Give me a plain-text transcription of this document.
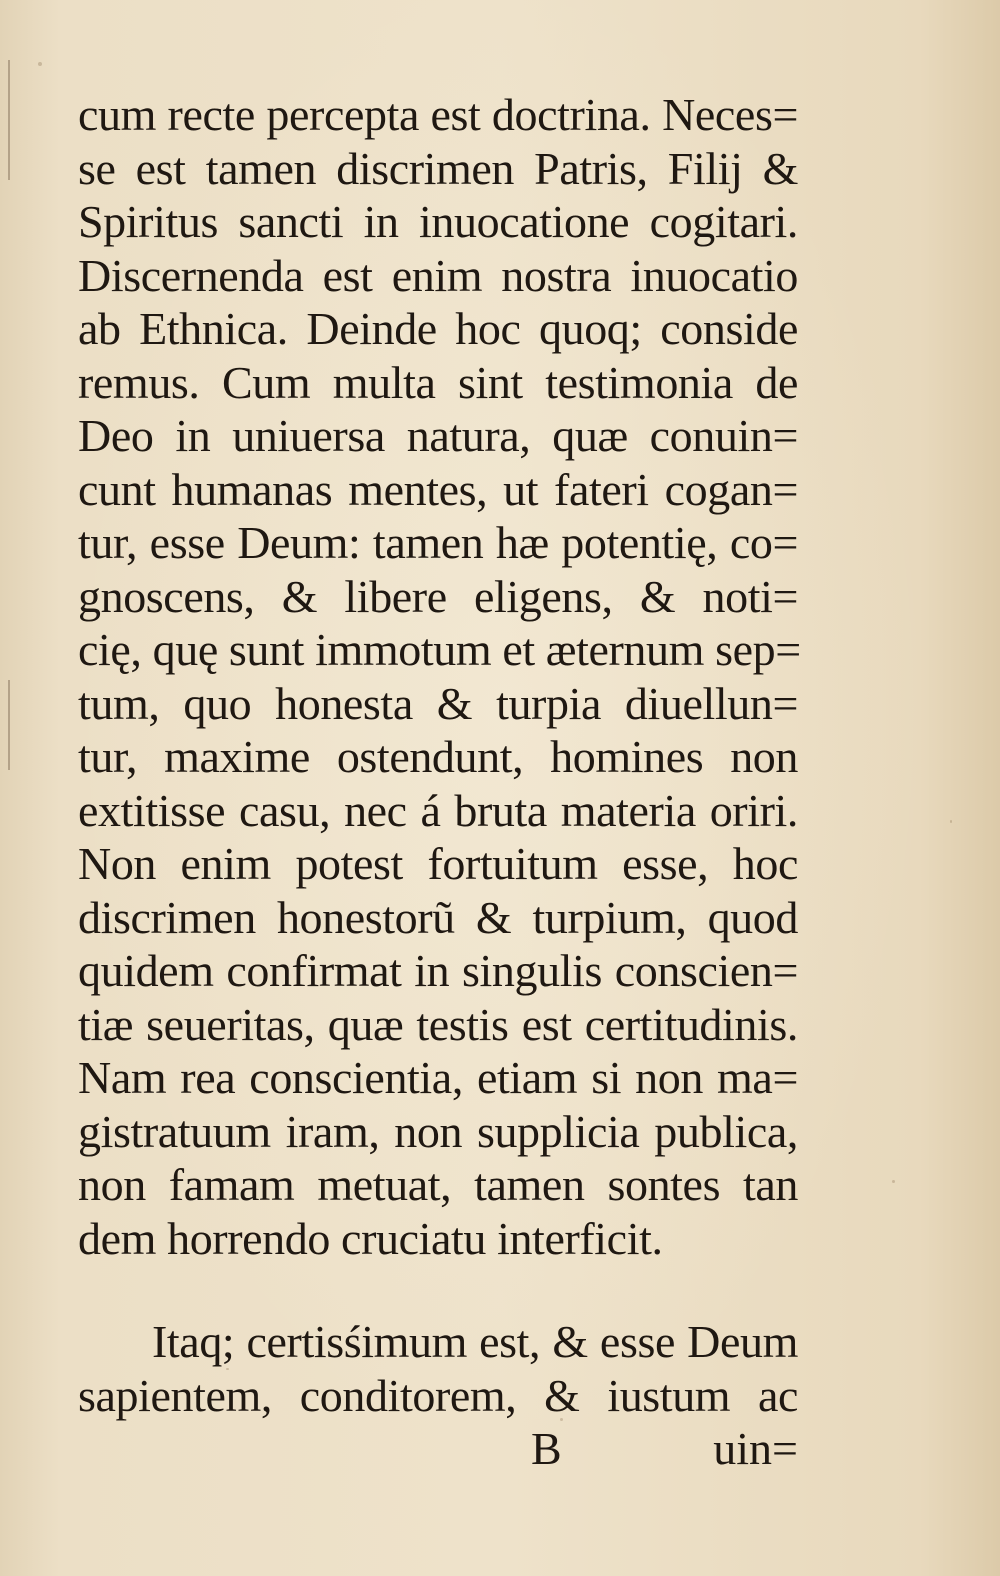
cum recte percepta est doctrina. Neces=
se est tamen discrimen Patris, Filij &
Spiritus sancti in inuocatione cogitari.
Discernenda est enim nostra inuocatio
ab Ethnica. Deinde hoc quoq; conside
remus. Cum multa sint testimonia de
Deo in uniuersa natura, quæ conuin=
cunt humanas mentes, ut fateri cogan=
tur, esse Deum: tamen hæ potentię, co=
gnoscens, & libere eligens, & noti=
cię, quę sunt immotum et æternum sep=
tum, quo honesta & turpia diuellun=
tur, maxime ostendunt, homines non
extitisse casu, nec á bruta materia oriri.
Non enim potest fortuitum esse, hoc
discrimen honestorũ & turpium, quod
quidem confirmat in singulis conscien=
tiæ seueritas, quæ testis est certitudinis.
Nam rea conscientia, etiam si non ma=
gistratuum iram, non supplicia publica,
non famam metuat, tamen sontes tan
dem horrendo cruciatu interficit.
Itaq; certisśimum est, & esse Deum
sapientem, conditorem, & iustum ac
B	uin=
